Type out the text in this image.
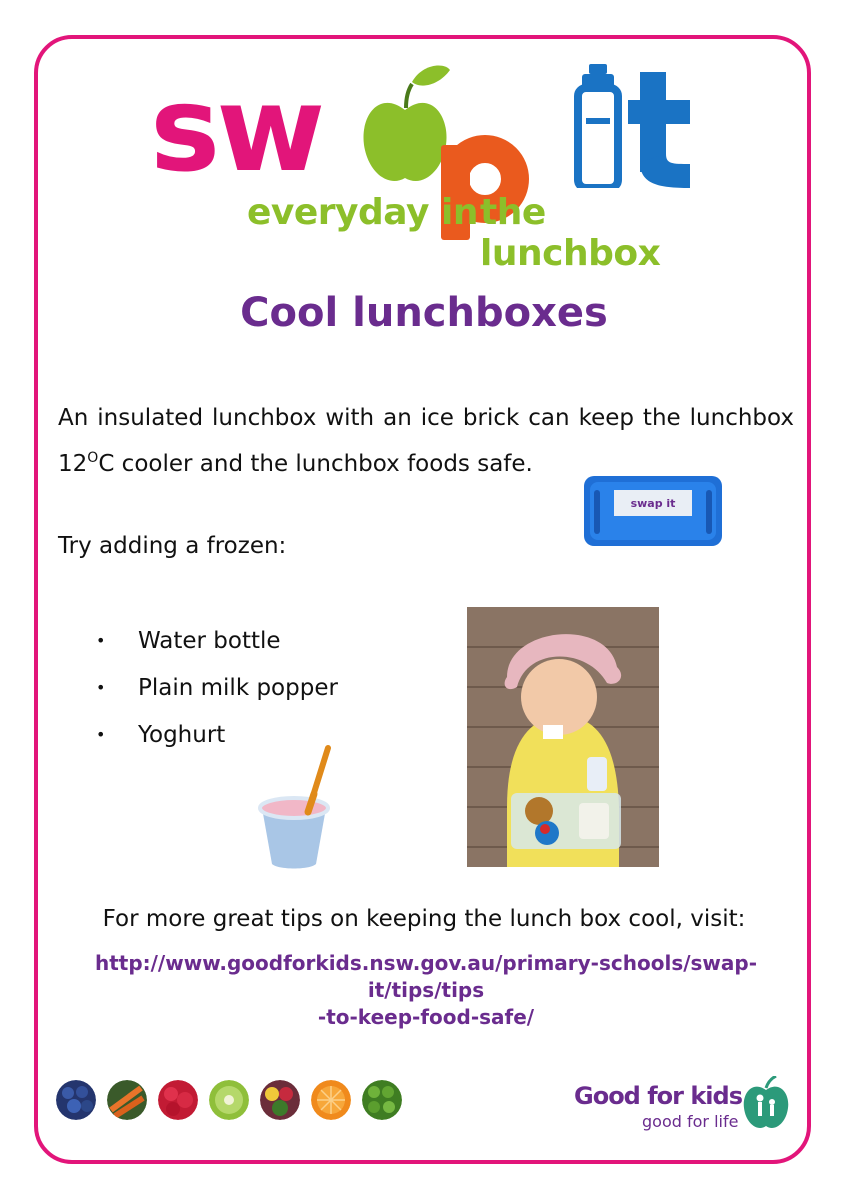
sw
everyday in the lunchbox
Cool lunchboxes
An insulated lunchbox with an ice brick can keep the lunchbox $12^OC$ cooler and the lunchbox foods safe.
swap it
Try adding a frozen:
• Water bottle
• Plain milk popper
• Yoghurt
For more great tips on keeping the lunch box cool, visit:
http://www.goodforkids.nsw.gov.au/primary-schools/swap-it/tips/tips
-to-keep-food-safe/
Good for kids
good for life
